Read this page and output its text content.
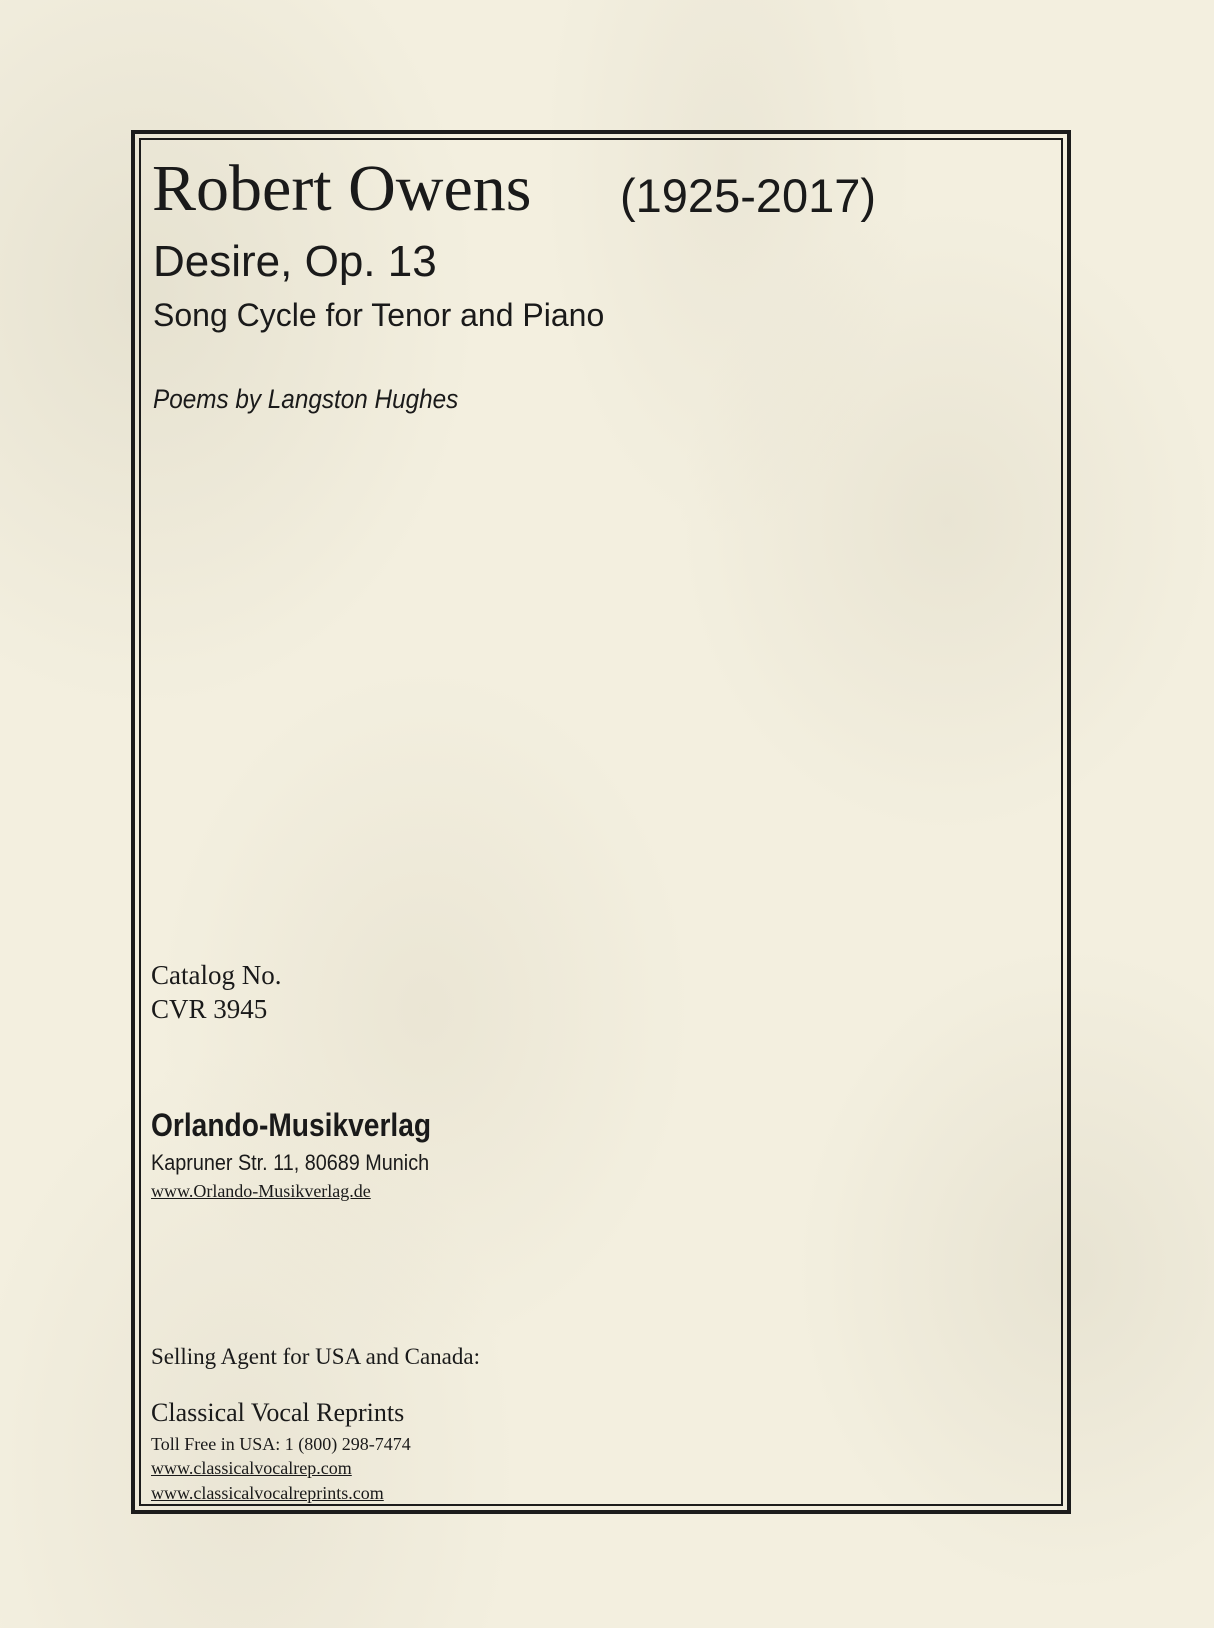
Robert Owens (1925-2017)
Desire, Op. 13
Song Cycle for Tenor and Piano
Poems by Langston Hughes
Catalog No.
CVR 3945
Orlando-Musikverlag
Kapruner Str. 11, 80689 Munich
www.Orlando-Musikverlag.de
Selling Agent for USA and Canada:
Classical Vocal Reprints
Toll Free in USA: 1 (800) 298-7474
www.classicalvocalrep.com
www.classicalvocalreprints.com
